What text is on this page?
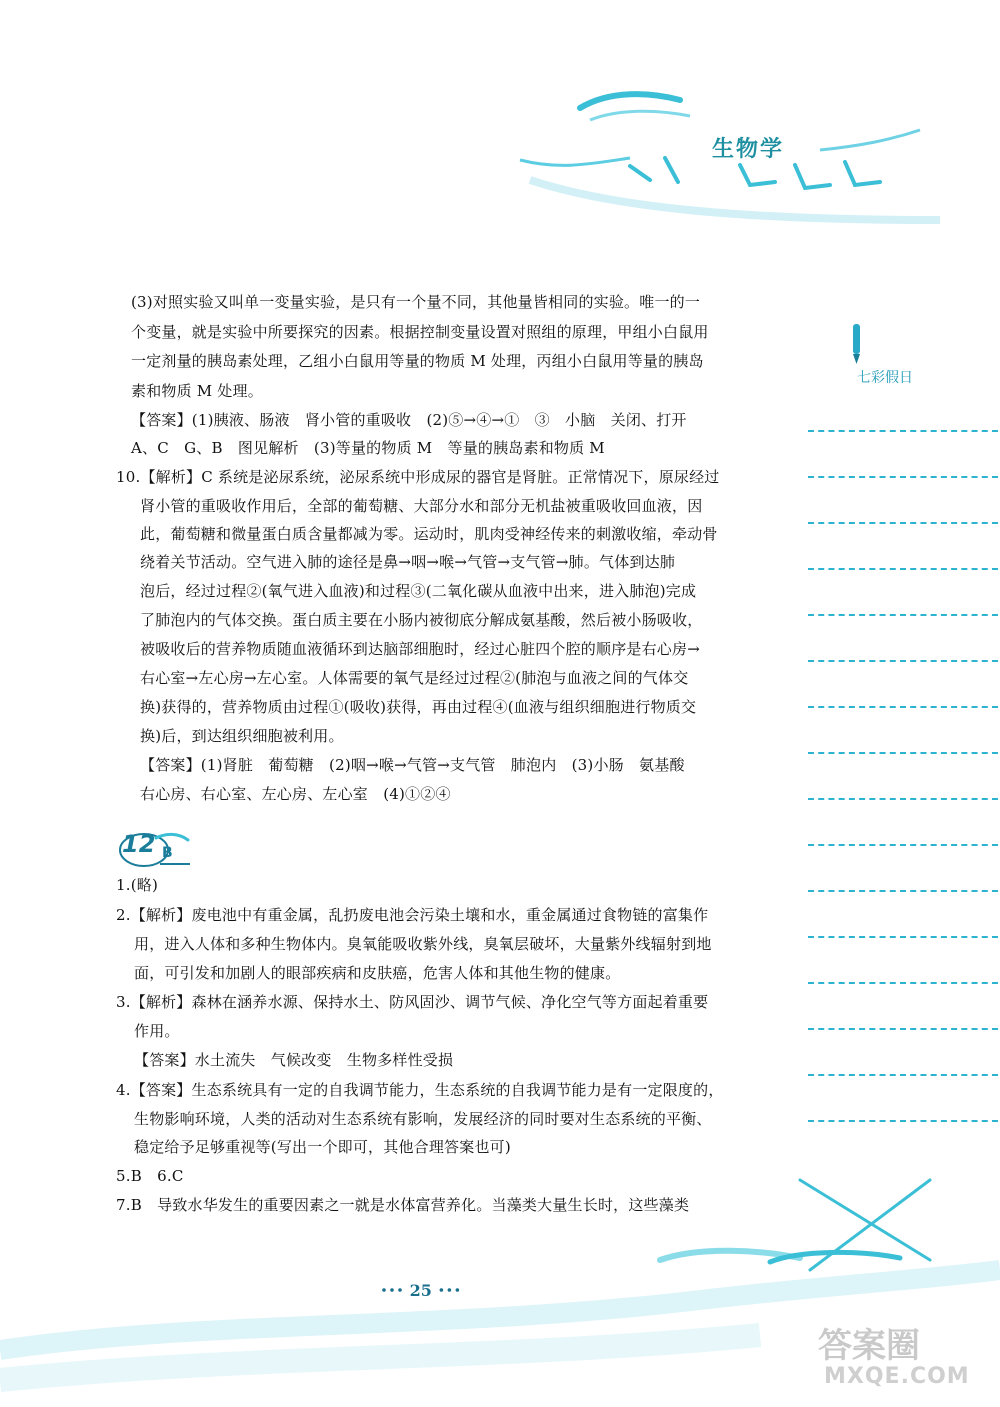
生物学
七彩假日
(3)对照实验又叫单一变量实验，是只有一个量不同，其他量皆相同的实验。唯一的一
个变量，就是实验中所要探究的因素。根据控制变量设置对照组的原理，甲组小白鼠用
一定剂量的胰岛素处理，乙组小白鼠用等量的物质 M 处理，丙组小白鼠用等量的胰岛
素和物质 M 处理。
【答案】(1)胰液、肠液　肾小管的重吸收　(2)⑤→④→①　③　小脑　关闭、打开
A、C　G、B　图见解析　(3)等量的物质 M　等量的胰岛素和物质 M
10.【解析】C 系统是泌尿系统，泌尿系统中形成尿的器官是肾脏。正常情况下，原尿经过
肾小管的重吸收作用后，全部的葡萄糖、大部分水和部分无机盐被重吸收回血液，因
此，葡萄糖和微量蛋白质含量都减为零。运动时，肌肉受神经传来的刺激收缩，牵动骨
绕着关节活动。空气进入肺的途径是鼻→咽→喉→气管→支气管→肺。气体到达肺
泡后，经过过程②(氧气进入血液)和过程③(二氧化碳从血液中出来，进入肺泡)完成
了肺泡内的气体交换。蛋白质主要在小肠内被彻底分解成氨基酸，然后被小肠吸收，
被吸收后的营养物质随血液循环到达脑部细胞时，经过心脏四个腔的顺序是右心房→
右心室→左心房→左心室。人体需要的氧气是经过过程②(肺泡与血液之间的气体交
换)获得的，营养物质由过程①(吸收)获得，再由过程④(血液与组织细胞进行物质交
换)后，到达组织细胞被利用。
【答案】(1)肾脏　葡萄糖　(2)咽→喉→气管→支气管　肺泡内　(3)小肠　氨基酸
右心房、右心室、左心房、左心室　(4)①②④
1.(略)
2.【解析】废电池中有重金属，乱扔废电池会污染土壤和水，重金属通过食物链的富集作
用，进入人体和多种生物体内。臭氧能吸收紫外线，臭氧层破坏，大量紫外线辐射到地
面，可引发和加剧人的眼部疾病和皮肤癌，危害人体和其他生物的健康。
3.【解析】森林在涵养水源、保持水土、防风固沙、调节气候、净化空气等方面起着重要
作用。
【答案】水土流失　气候改变　生物多样性受损
4.【答案】生态系统具有一定的自我调节能力，生态系统的自我调节能力是有一定限度的，
生物影响环境，人类的活动对生态系统有影响，发展经济的同时要对生态系统的平衡、
稳定给予足够重视等(写出一个即可，其他合理答案也可)
5.B　6.C
7.B　导致水华发生的重要因素之一就是水体富营养化。当藻类大量生长时，这些藻类
12 B
･･･ 25 ･･･
答案圈
MXQE.COM
